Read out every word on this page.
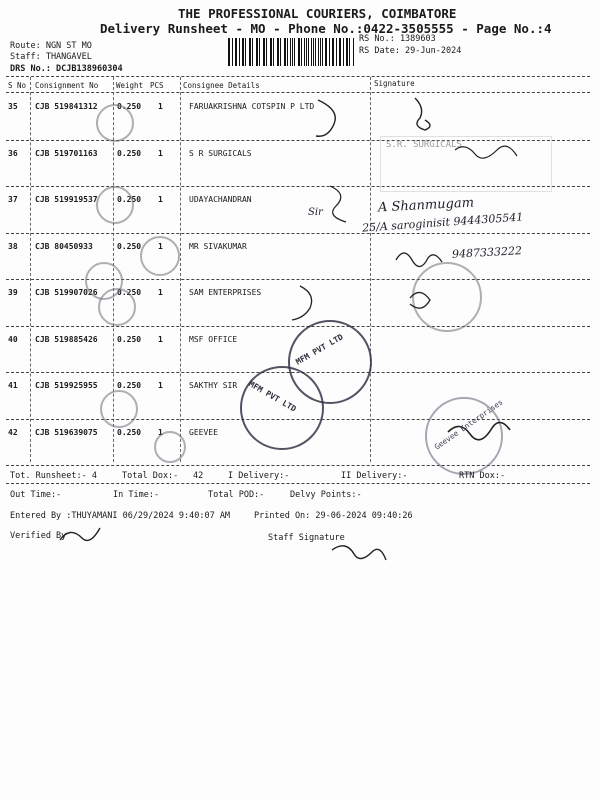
THE PROFESSIONAL COURIERS, COIMBATORE
Delivery Runsheet - MO - Phone No.:0422-3505555 - Page No.:4
Route: NGN ST MO
Staff: THANGAVEL
DRS No.: DCJB138960304
RS No.: 1389603
RS Date: 29-Jun-2024
S No Consignment No Weight PCS	Consignee Details	Signature
35 CJB 519841312 0.250 1	FARUAKRISHNA COTSPIN P LTD
36 CJB 519701163 0.250 1	S R SURGICALS
37 CJB 519919537 0.250 1	UDAYACHANDRAN
38 CJB 80450933	0.250 1	MR SIVAKUMAR
39 CJB 519907026 0.250 1	SAM ENTERPRISES
40 CJB 519885426 0.250 1	MSF OFFICE
41 CJB 519925955 0.250 1	SAKTHY SIR
42 CJB 519639075 0.250 1	GEEVEE
A Shanmugam
25/A saroginisit 9444305541
9487333222
Sir
MFM PVT LTD
MFM PVT LTD
Geevee Enterprises
S.R. SURGICALS
Tot. Runsheet:- 4	Total Dox:- 42	I Delivery:-	II Delivery:-	RTN Dox:-
Out Time:-	In Time:-	Total POD:-	Delvy Points:-
Entered By :THUYAMANI 06/29/2024 9:40:07 AM	Printed On: 29-06-2024 09:40:26
Verified By	Staff Signature
